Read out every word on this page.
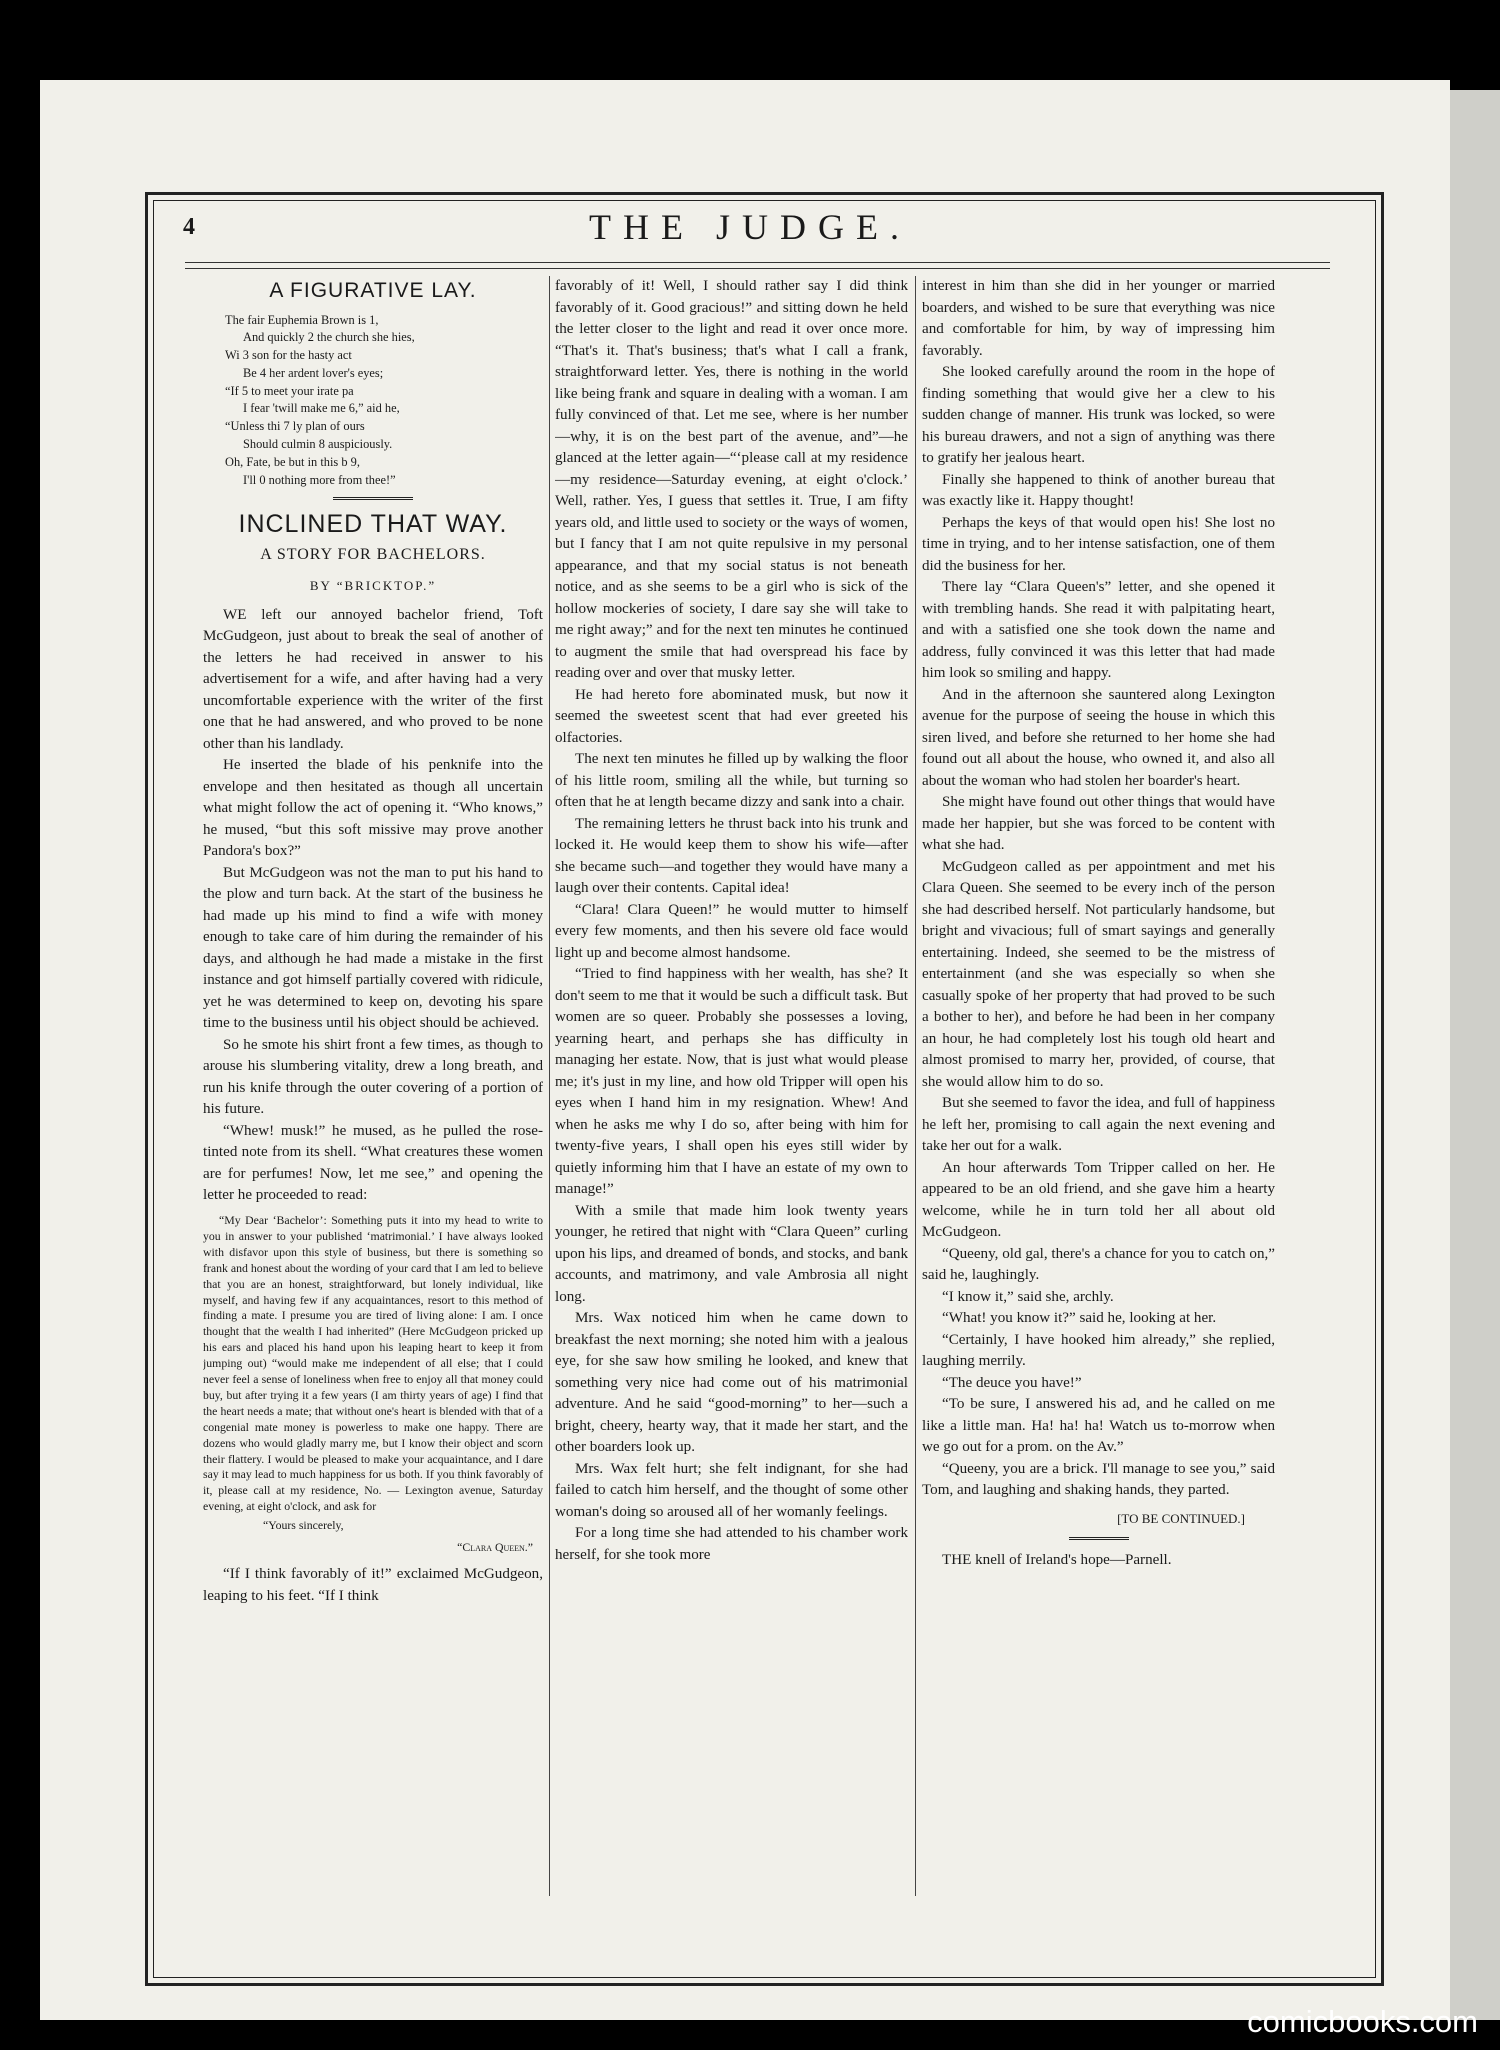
4	THE JUDGE.
A FIGURATIVE LAY.
The fair Euphemia Brown is 1,
And quickly 2 the church she hies,
Wi 3 son for the hasty act
Be 4 her ardent lover's eyes;
“If 5 to meet your irate pa
I fear 'twill make me 6,” aid he,
“Unless thi 7 ly plan of ours
Should culmin 8 auspiciously.
Oh, Fate, be but in this b 9,
I'll 0 nothing more from thee!”
INCLINED THAT WAY.
A STORY FOR BACHELORS.
BY “BRICKTOP.”

WE left our annoyed bachelor friend, Toft McGudgeon, just about to break the seal of another of the letters he had received in answer to his advertisement for a wife, and after having had a very uncomfortable experience with the writer of the first one that he had answered, and who proved to be none other than his landlady.

He inserted the blade of his penknife into the envelope and then hesitated as though all uncertain what might follow the act of opening it. “Who knows,” he mused, “but this soft missive may prove another Pandora's box?”

But McGudgeon was not the man to put his hand to the plow and turn back. At the start of the business he had made up his mind to find a wife with money enough to take care of him during the remainder of his days, and although he had made a mistake in the first instance and got himself partially covered with ridicule, yet he was determined to keep on, devoting his spare time to the business until his object should be achieved.

So he smote his shirt front a few times, as though to arouse his slumbering vitality, drew a long breath, and run his knife through the outer covering of a portion of his future.

“Whew! musk!” he mused, as he pulled the rose-tinted note from its shell. “What creatures these women are for perfumes! Now, let me see,” and opening the letter he proceeded to read:

“My Dear ‘Bachelor’: Something puts it into my head to write to you in answer to your published ‘matrimonial.’ I have always looked with disfavor upon this style of business, but there is something so frank and honest about the wording of your card that I am led to believe that you are an honest, straightforward, but lonely individual, like myself, and having few if any acquaintances, resort to this method of finding a mate. I presume you are tired of living alone: I am. I once thought that the wealth I had inherited” (Here McGudgeon pricked up his ears and placed his hand upon his leaping heart to keep it from jumping out) “would make me independent of all else; that I could never feel a sense of loneliness when free to enjoy all that money could buy, but after trying it a few years (I am thirty years of age) I find that the heart needs a mate; that without one's heart is blended with that of a congenial mate money is powerless to make one happy. There are dozens who would gladly marry me, but I know their object and scorn their flattery. I would be pleased to make your acquaintance, and I dare say it may lead to much happiness for us both. If you think favorably of it, please call at my residence, No. — Lexington avenue, Saturday evening, at eight o'clock, and ask for

“Yours sincerely,
“Clara Queen.”

“If I think favorably of it!” exclaimed McGudgeon, leaping to his feet. “If I think

favorably of it! Well, I should rather say I did think favorably of it. Good gracious!” and sitting down he held the letter closer to the light and read it over once more. “That's it. That's business; that's what I call a frank, straightforward letter. Yes, there is nothing in the world like being frank and square in dealing with a woman. I am fully convinced of that. Let me see, where is her number—why, it is on the best part of the avenue, and”—he glanced at the letter again—“‘please call at my residence—my residence—Saturday evening, at eight o'clock.’ Well, rather. Yes, I guess that settles it. True, I am fifty years old, and little used to society or the ways of women, but I fancy that I am not quite repulsive in my personal appearance, and that my social status is not beneath notice, and as she seems to be a girl who is sick of the hollow mockeries of society, I dare say she will take to me right away;” and for the next ten minutes he continued to augment the smile that had overspread his face by reading over and over that musky letter.

He had hereto fore abominated musk, but now it seemed the sweetest scent that had ever greeted his olfactories.

The next ten minutes he filled up by walking the floor of his little room, smiling all the while, but turning so often that he at length became dizzy and sank into a chair.

The remaining letters he thrust back into his trunk and locked it. He would keep them to show his wife—after she became such—and together they would have many a laugh over their contents. Capital idea!

“Clara! Clara Queen!” he would mutter to himself every few moments, and then his severe old face would light up and become almost handsome.

“Tried to find happiness with her wealth, has she? It don't seem to me that it would be such a difficult task. But women are so queer. Probably she possesses a loving, yearning heart, and perhaps she has difficulty in managing her estate. Now, that is just what would please me; it's just in my line, and how old Tripper will open his eyes when I hand him in my resignation. Whew! And when he asks me why I do so, after being with him for twenty-five years, I shall open his eyes still wider by quietly informing him that I have an estate of my own to manage!”

With a smile that made him look twenty years younger, he retired that night with “Clara Queen” curling upon his lips, and dreamed of bonds, and stocks, and bank accounts, and matrimony, and vale Ambrosia all night long.

Mrs. Wax noticed him when he came down to breakfast the next morning; she noted him with a jealous eye, for she saw how smiling he looked, and knew that something very nice had come out of his matrimonial adventure. And he said “good-morning” to her—such a bright, cheery, hearty way, that it made her start, and the other boarders look up.

Mrs. Wax felt hurt; she felt indignant, for she had failed to catch him herself, and the thought of some other woman's doing so aroused all of her womanly feelings.

For a long time she had attended to his chamber work herself, for she took more

interest in him than she did in her younger or married boarders, and wished to be sure that everything was nice and comfortable for him, by way of impressing him favorably.

She looked carefully around the room in the hope of finding something that would give her a clew to his sudden change of manner. His trunk was locked, so were his bureau drawers, and not a sign of anything was there to gratify her jealous heart.

Finally she happened to think of another bureau that was exactly like it. Happy thought!

Perhaps the keys of that would open his! She lost no time in trying, and to her intense satisfaction, one of them did the business for her.

There lay “Clara Queen's” letter, and she opened it with trembling hands. She read it with palpitating heart, and with a satisfied one she took down the name and address, fully convinced it was this letter that had made him look so smiling and happy.

And in the afternoon she sauntered along Lexington avenue for the purpose of seeing the house in which this siren lived, and before she returned to her home she had found out all about the house, who owned it, and also all about the woman who had stolen her boarder's heart.

She might have found out other things that would have made her happier, but she was forced to be content with what she had.

McGudgeon called as per appointment and met his Clara Queen. She seemed to be every inch of the person she had described herself. Not particularly handsome, but bright and vivacious; full of smart sayings and generally entertaining. Indeed, she seemed to be the mistress of entertainment (and she was especially so when she casually spoke of her property that had proved to be such a bother to her), and before he had been in her company an hour, he had completely lost his tough old heart and almost promised to marry her, provided, of course, that she would allow him to do so.

But she seemed to favor the idea, and full of happiness he left her, promising to call again the next evening and take her out for a walk.

An hour afterwards Tom Tripper called on her. He appeared to be an old friend, and she gave him a hearty welcome, while he in turn told her all about old McGudgeon.

“Queeny, old gal, there's a chance for you to catch on,” said he, laughingly.

“I know it,” said she, archly.

“What! you know it?” said he, looking at her.

“Certainly, I have hooked him already,” she replied, laughing merrily.

“The deuce you have!”

“To be sure, I answered his ad, and he called on me like a little man. Ha! ha! ha! Watch us to-morrow when we go out for a prom. on the Av.”

“Queeny, you are a brick. I'll manage to see you,” said Tom, and laughing and shaking hands, they parted.

[TO BE CONTINUED.]

THE knell of Ireland's hope—Parnell.

comicbooks.com
